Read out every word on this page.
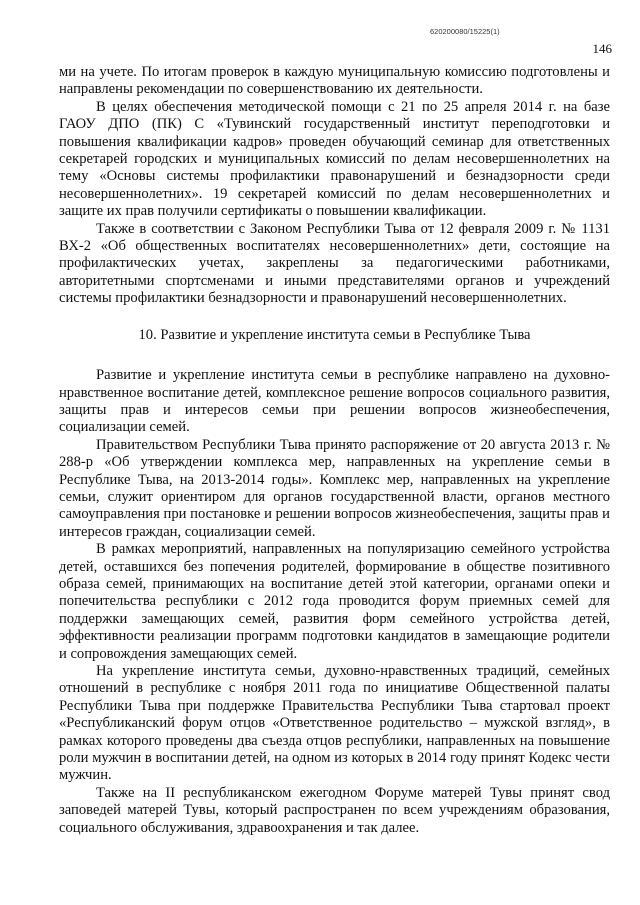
620200080/15225(1)
146

ми на учете. По итогам проверок в каждую муниципальную комиссию подготовлены и направлены рекомендации по совершенствованию их деятельности.

В целях обеспечения методической помощи с 21 по 25 апреля 2014 г. на базе ГАОУ ДПО (ПК) С «Тувинский государственный институт переподготовки и повышения квалификации кадров» проведен обучающий семинар для ответственных секретарей городских и муниципальных комиссий по делам несовершеннолетних на тему «Основы системы профилактики правонарушений и безнадзорности среди несовершеннолетних». 19 секретарей комиссий по делам несовершеннолетних и защите их прав получили сертификаты о повышении квалификации.

Также в соответствии с Законом Республики Тыва от 12 февраля 2009 г. № 1131 ВХ-2 «Об общественных воспитателях несовершеннолетних» дети, состоящие на профилактических учетах, закреплены за педагогическими работниками, авторитетными спортсменами и иными представителями органов и учреждений системы профилактики безнадзорности и правонарушений несовершеннолетних.

10. Развитие и укрепление института семьи в Республике Тыва

Развитие и укрепление института семьи в республике направлено на духовно-нравственное воспитание детей, комплексное решение вопросов социального развития, защиты прав и интересов семьи при решении вопросов жизнеобеспечения, социализации семей.

Правительством Республики Тыва принято распоряжение от 20 августа 2013 г. № 288-р «Об утверждении комплекса мер, направленных на укрепление семьи в Республике Тыва, на 2013-2014 годы». Комплекс мер, направленных на укрепление семьи, служит ориентиром для органов государственной власти, органов местного самоуправления при постановке и решении вопросов жизнеобеспечения, защиты прав и интересов граждан, социализации семей.

В рамках мероприятий, направленных на популяризацию семейного устройства детей, оставшихся без попечения родителей, формирование в обществе позитивного образа семей, принимающих на воспитание детей этой категории, органами опеки и попечительства республики с 2012 года проводится форум приемных семей для поддержки замещающих семей, развития форм семейного устройства детей, эффективности реализации программ подготовки кандидатов в замещающие родители и сопровождения замещающих семей.

На укрепление института семьи, духовно-нравственных традиций, семейных отношений в республике с ноября 2011 года по инициативе Общественной палаты Республики Тыва при поддержке Правительства Республики Тыва стартовал проект «Республиканский форум отцов «Ответственное родительство – мужской взгляд», в рамках которого проведены два съезда отцов республики, направленных на повышение роли мужчин в воспитании детей, на одном из которых в 2014 году принят Кодекс чести мужчин.

Также на II республиканском ежегодном Форуме матерей Тувы принят свод заповедей матерей Тувы, который распространен по всем учреждениям образования, социального обслуживания, здравоохранения и так далее.
